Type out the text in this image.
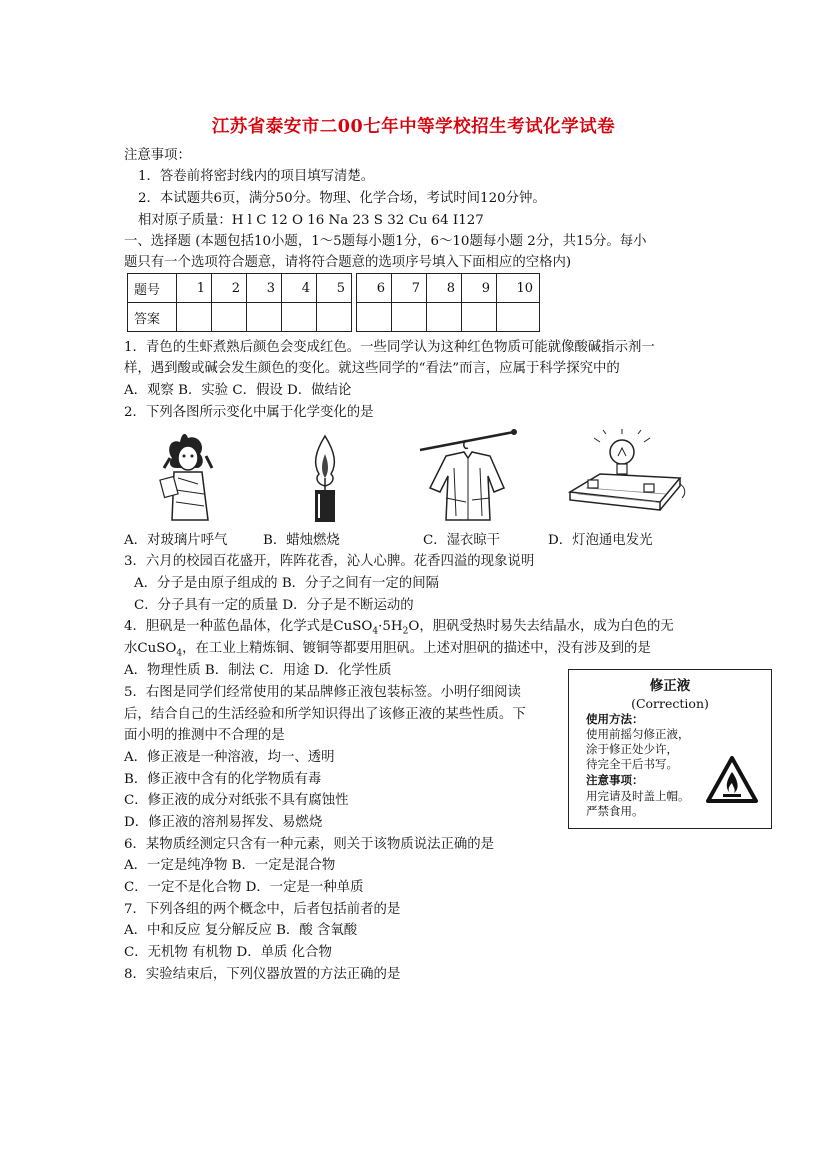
江苏省泰安市二00七年中等学校招生考试化学试卷
注意事项：
1．答卷前将密封线内的项目填写清楚。
2．本试题共6页，满分50分。物理、化学合场，考试时间120分钟。
相对原子质量：H l C 12 O 16 Na 23 S 32 Cu 64 I127
一、选择题 (本题包括10小题，1～5题每小题1分，6～10题每小题 2分，共15分。每小
题只有一个选项符合题意，请将符合题意的选项序号填入下面相应的空格内)
题号	1	2	3	4	5		6	7	8	9	10
答案											
1．青色的生虾煮熟后颜色会变成红色。一些同学认为这种红色物质可能就像酸碱指示剂一
样，遇到酸或碱会发生颜色的变化。就这些同学的“看法”而言，应属于科学探究中的
A．观察 B．实验 C．假设 D．做结论
2．下列各图所示变化中属于化学变化的是
A．对玻璃片呼气	B．蜡烛燃烧	C．湿衣晾干	D．灯泡通电发光
3．六月的校园百花盛开，阵阵花香，沁人心脾。花香四溢的现象说明
A．分子是由原子组成的 B．分子之间有一定的间隔
C．分子具有一定的质量 D．分子是不断运动的
4．胆矾是一种蓝色晶体，化学式是$CuSO_4\cdot 5H_2O$，胆矾受热时易失去结晶水，成为白色的无
水CuSO$_4$，在工业上精炼铜、镀铜等都要用胆矾。上述对胆矾的描述中，没有涉及到的是
A．物理性质 B．制法 C．用途 D．化学性质
5．右图是同学们经常使用的某品牌修正液包装标签。小明仔细阅读
后，结合自己的生活经验和所学知识得出了该修正液的某些性质。下
面小明的推测中不合理的是
A．修正液是一种溶液，均一、透明
B．修正液中含有的化学物质有毒
C．修正液的成分对纸张不具有腐蚀性
D．修正液的溶剂易挥发、易燃烧
修正液
(Correction)
使用方法：
使用前摇匀修正液，
涂于修正处少许，
待完全干后书写。
注意事项：
用完请及时盖上帽。
严禁食用。
6．某物质经测定只含有一种元素，则关于该物质说法正确的是
A．一定是纯净物 B．一定是混合物
C．一定不是化合物 D．一定是一种单质
7．下列各组的两个概念中，后者包括前者的是
A．中和反应 复分解反应 B．酸 含氧酸
C．无机物 有机物 D．单质 化合物
8．实验结束后，下列仪器放置的方法正确的是
